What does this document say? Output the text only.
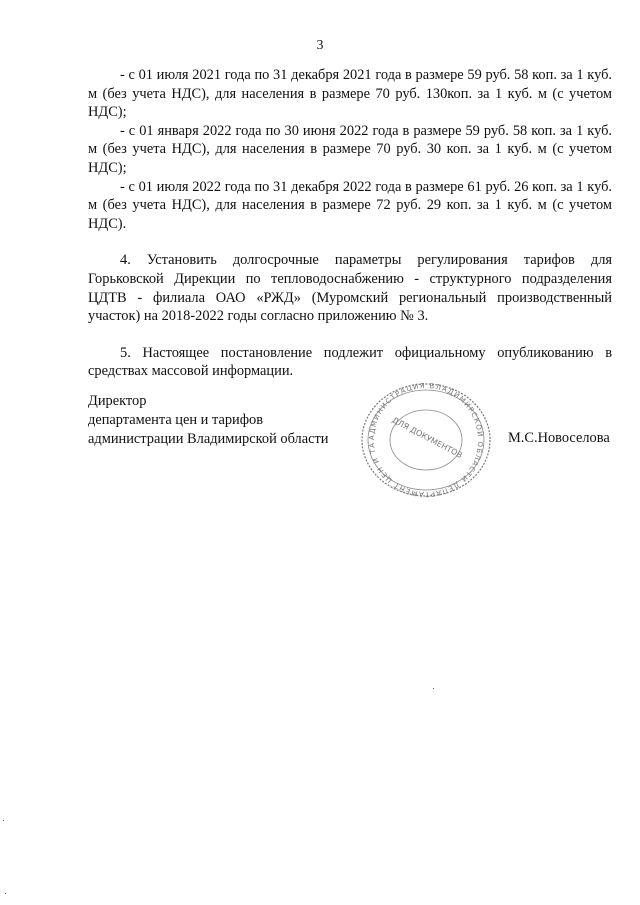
3

- с 01 июля 2021 года по 31 декабря 2021 года в размере 59 руб. 58 коп. за 1 куб. м (без учета НДС), для населения в размере 70 руб. 130коп. за 1 куб. м (с учетом НДС);

- с 01 января 2022 года по 30 июня 2022 года в размере 59 руб. 58 коп. за 1 куб. м (без учета НДС), для населения в размере 70 руб. 30 коп. за 1 куб. м (с учетом НДС);

- с 01 июля 2022 года по 31 декабря 2022 года в размере 61 руб. 26 коп. за 1 куб. м (без учета НДС), для населения в размере 72 руб. 29 коп. за 1 куб. м (с учетом НДС).

4. Установить долгосрочные параметры регулирования тарифов для Горьковской Дирекции по тепловодоснабжению - структурного подразделения ЦДТВ - филиала ОАО «РЖД» (Муромский региональный производственный участок) на 2018-2022 годы согласно приложению № 3.

5. Настоящее постановление подлежит официальному опубликованию в средствах массовой информации.

Директор
департамента цен и тарифов
администрации Владимирской области	М.С.Новоселова
АДМИНИСТРАЦИЯ ВЛАДИМИРСКОЙ ОБЛАСТИ ДЕПАРТАМЕНТ ЦЕН И ТА	ДЛЯ ДОКУМЕНТОВ
